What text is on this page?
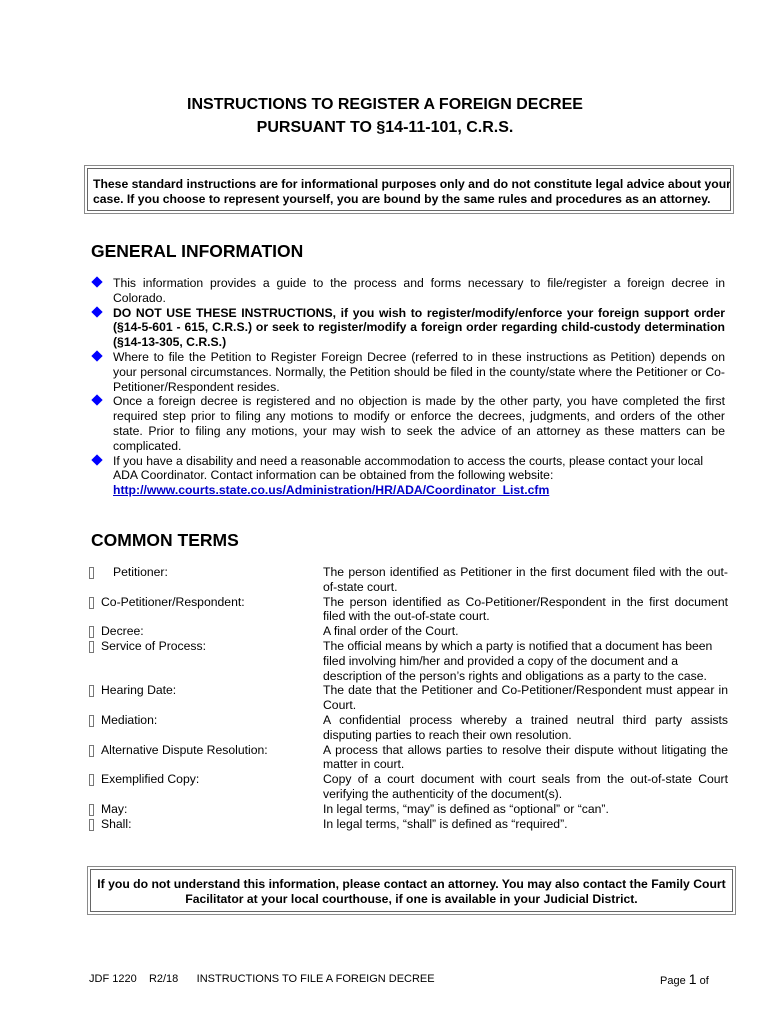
INSTRUCTIONS TO REGISTER A FOREIGN DECREE
PURSUANT TO §14-11-101, C.R.S.
These standard instructions are for informational purposes only and do not constitute legal advice about your case. If you choose to represent yourself, you are bound by the same rules and procedures as an attorney.
GENERAL INFORMATION
This information provides a guide to the process and forms necessary to file/register a foreign decree in Colorado.
DO NOT USE THESE INSTRUCTIONS, if you wish to register/modify/enforce your foreign support order (§14-5-601 - 615, C.R.S.) or seek to register/modify a foreign order regarding child-custody determination (§14-13-305, C.R.S.)
Where to file the Petition to Register Foreign Decree (referred to in these instructions as Petition) depends on your personal circumstances. Normally, the Petition should be filed in the county/state where the Petitioner or Co-Petitioner/Respondent resides.
Once a foreign decree is registered and no objection is made by the other party, you have completed the first required step prior to filing any motions to modify or enforce the decrees, judgments, and orders of the other state. Prior to filing any motions, your may wish to seek the advice of an attorney as these matters can be complicated.
If you have a disability and need a reasonable accommodation to access the courts, please contact your local ADA Coordinator. Contact information can be obtained from the following website:
http://www.courts.state.co.us/Administration/HR/ADA/Coordinator_List.cfm
COMMON TERMS
Petitioner:	The person identified as Petitioner in the first document filed with the out-of-state court.
Co-Petitioner/Respondent:	The person identified as Co-Petitioner/Respondent in the first document filed with the out-of-state court.
Decree:	A final order of the Court.
Service of Process:	The official means by which a party is notified that a document has been filed involving him/her and provided a copy of the document and a description of the person’s rights and obligations as a party to the case.
Hearing Date:	The date that the Petitioner and Co-Petitioner/Respondent must appear in Court.
Mediation:	A confidential process whereby a trained neutral third party assists disputing parties to reach their own resolution.
Alternative Dispute Resolution:	A process that allows parties to resolve their dispute without litigating the matter in court.
Exemplified Copy:	Copy of a court document with court seals from the out-of-state Court verifying the authenticity of the document(s).
May:	In legal terms, “may” is defined as “optional” or “can”.
Shall:	In legal terms, “shall” is defined as “required”.
If you do not understand this information, please contact an attorney. You may also contact the Family Court Facilitator at your local courthouse, if one is available in your Judicial District.
JDF 1220 R2/18 INSTRUCTIONS TO FILE A FOREIGN DECREE	Page 1 of
